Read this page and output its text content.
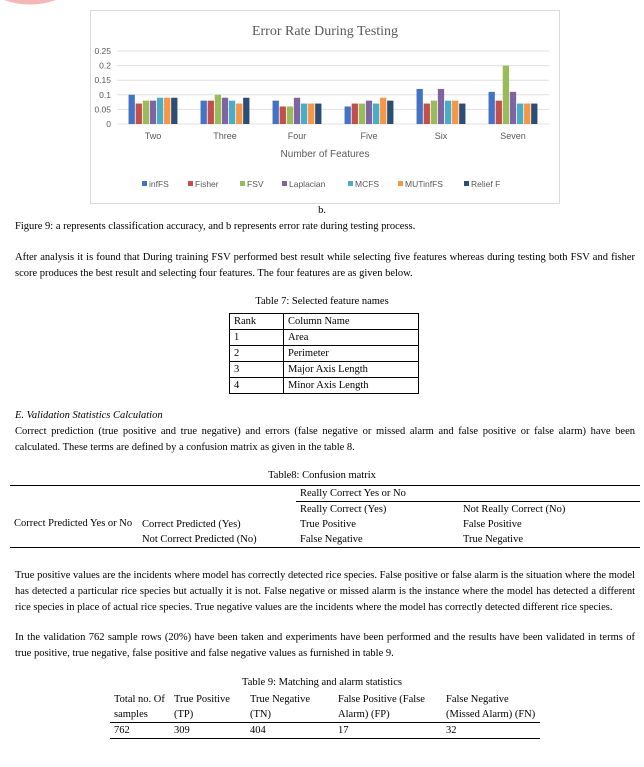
Error Rate During Testing
0.25
0.2
0.15
0.1
0.05
0
Two	Three	Four	Five	Six	Seven
Number of Features
infFS	Fisher	FSV	Laplacian	MCFS	MUTinfFS	Relief F
b.

Figure 9: a represents classification accuracy, and b represents error rate during testing process.

After analysis it is found that During training FSV performed best result while selecting five features whereas during testing both FSV and fisher score produces the best result and selecting four features. The four features are as given below.

Table 7: Selected feature names
Rank	Column Name
1	Area
2	Perimeter
3	Major Axis Length
4	Minor Axis Length

E. Validation Statistics Calculation

Correct prediction (true positive and true negative) and errors (false negative or missed alarm and false positive or false alarm) have been calculated. These terms are defined by a confusion matrix as given in the table 8.

Table8: Confusion matrix
		Really Correct Yes or No	
Correct Predicted Yes or No		Really Correct (Yes)	Not Really Correct (No)
	Correct Predicted (Yes)	True Positive	False Positive
	Not Correct Predicted (No)	False Negative	True Negative

True positive values are the incidents where model has correctly detected rice species. False positive or false alarm is the situation where the model has detected a particular rice species but actually it is not. False negative or missed alarm is the instance where the model has detected a different rice species in place of actual rice species. True negative values are the incidents where the model has correctly detected different rice species.

In the validation 762 sample rows (20%) have been taken and experiments have been performed and the results have been validated in terms of true positive, true negative, false positive and false negative values as furnished in table 9.

Table 9: Matching and alarm statistics
Total no. Of samples	True Positive (TP)	True Negative (TN)	False Positive (False Alarm) (FP)	False Negative (Missed Alarm) (FN)
762	309	404	17	32
